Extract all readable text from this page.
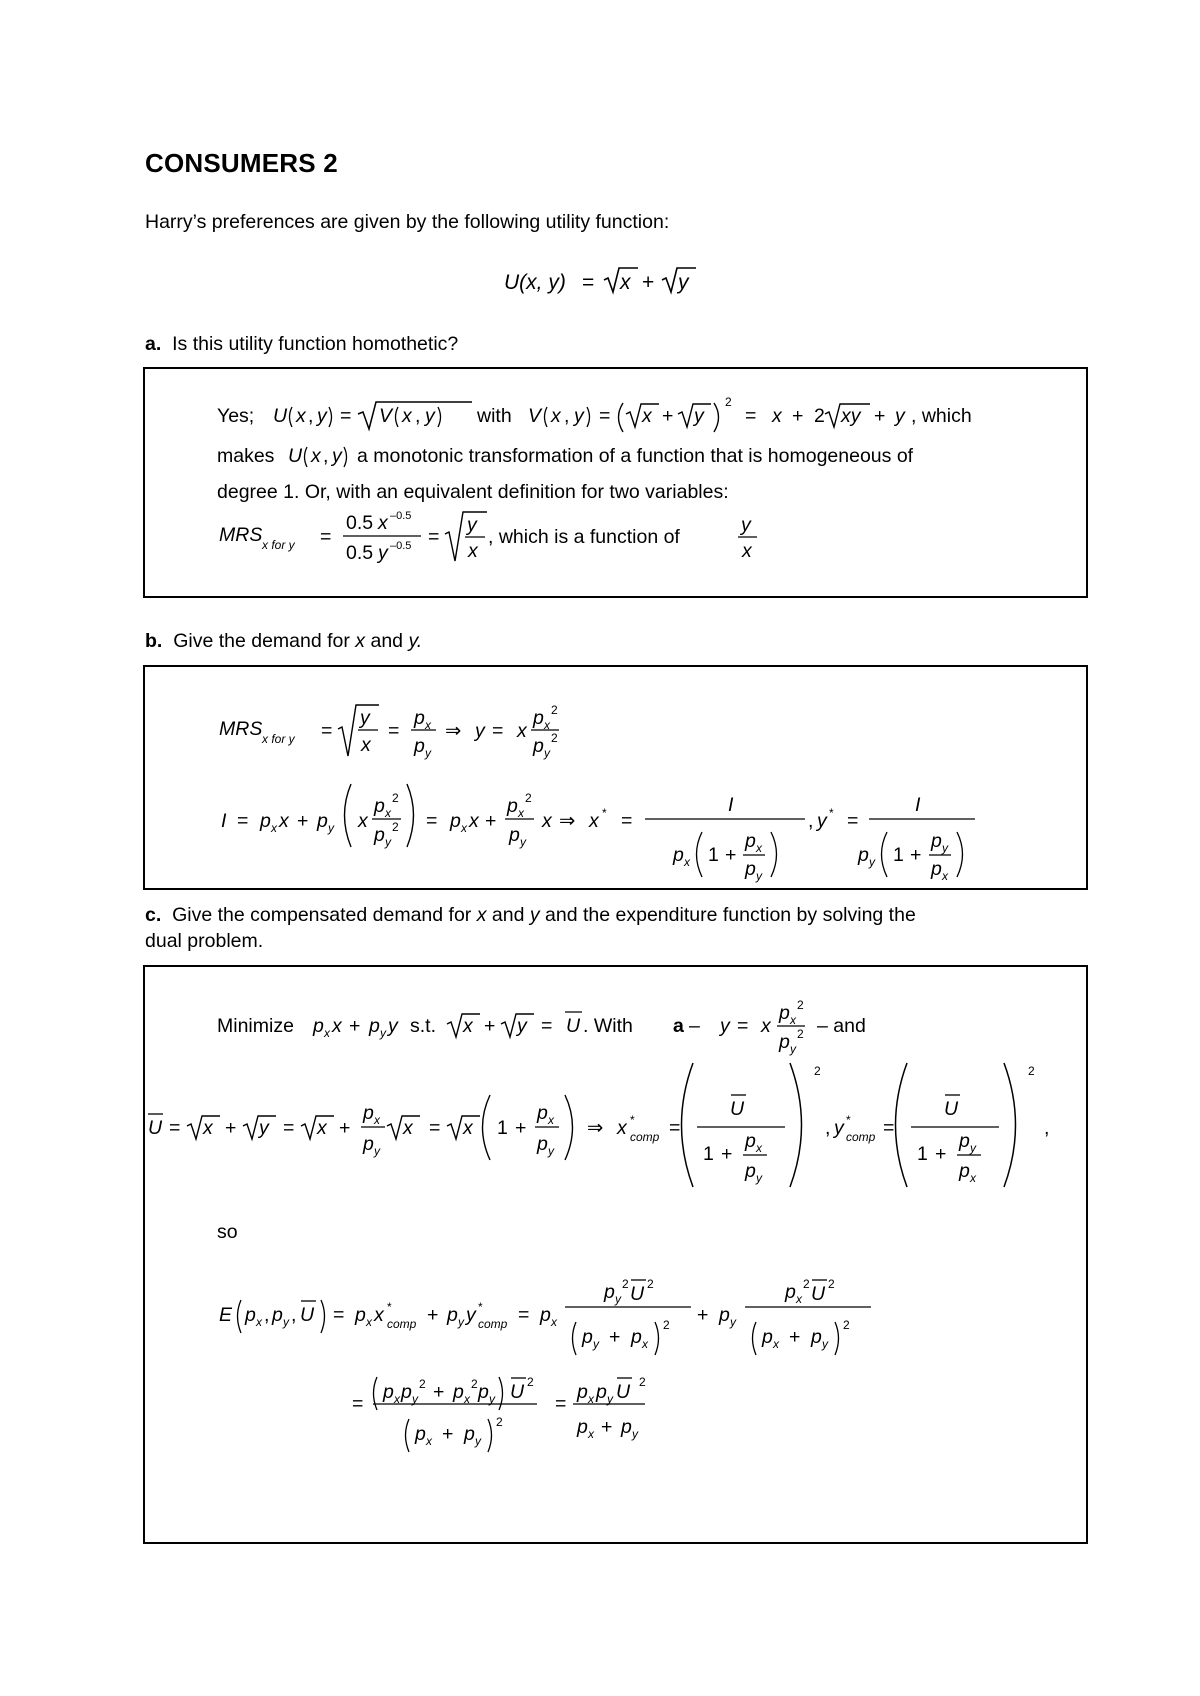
CONSUMERS 2
Harry’s preferences are given by the following utility function:
U(x, y) = x + y
a. Is this utility function homothetic?
Yes; U x , y = V x , y with V x , y = x + y
2
= x + 2 xy + y , which
makes U x , y a monotonic transformation of a function that is homogeneous of
degree 1. Or, with an equivalent definition for two variables:
MRS x for y =
0.5 x –0.5
0.5 y –0.5 =
y
x
, which is a function of
y
x
b. Give the demand for x and y.
MRS x for y =
y
x
=
p x
p y
⇒ y = x
p x
2
p y
2
I = p x x + p y x
p x
2
p y
2 = p x x +
p x
2
p y
x ⇒ x * =
I
p x 1 +
p x
p y
, y * =
I
p y 1 +
p y
p x
c. Give the compensated demand for x and y and the expenditure function by solving the
dual problem.
Minimize p x x + p y y s.t. x + y = U . With a – y = x
p x
2
p y
2 – and
U = x + y = x +
p x
p y
x = x 1 +
p x
p y
⇒ x *
comp =
U
1 +
p x
p y
2
, y *
comp =
U
1 +
p y
p x
2
,
so
E p x , p y , U = p x x *
comp + p y y *
comp = p x
p y
2 U 2
p y + p x
2 + p y
p x
2 U 2
p x + p y
2
=
p x p y
2 + p x
2 p y U 2
p x + p y
2
=
p x p y U 2
p x + p y
